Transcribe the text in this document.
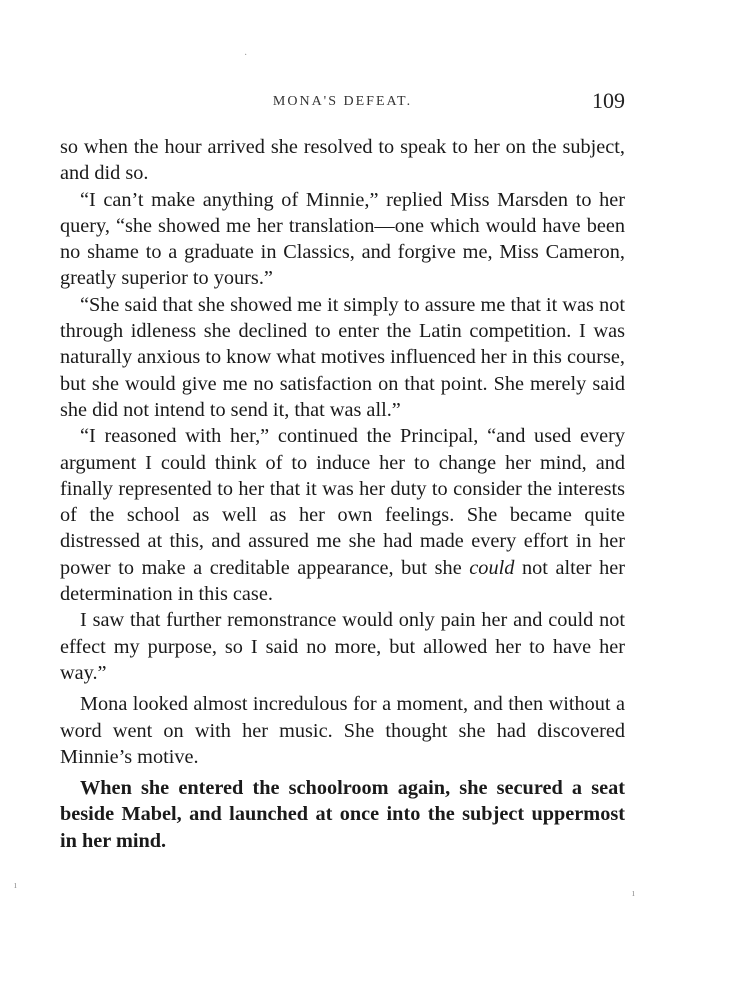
MONA'S DEFEAT.	109

so when the hour arrived she resolved to speak to her on the subject, and did so.

“I can’t make anything of Minnie,” replied Miss Marsden to her query, “she showed me her translation—one which would have been no shame to a graduate in Classics, and forgive me, Miss Cameron, greatly superior to yours.”

“She said that she showed me it simply to assure me that it was not through idleness she declined to enter the Latin competition. I was naturally anxious to know what motives influenced her in this course, but she would give me no satisfaction on that point. She merely said she did not intend to send it, that was all.”

“I reasoned with her,” continued the Principal, “and used every argument I could think of to induce her to change her mind, and finally represented to her that it was her duty to consider the interests of the school as well as her own feelings. She became quite distressed at this, and assured me she had made every effort in her power to make a creditable appearance, but she could not alter her determination in this case.

I saw that further remonstrance would only pain her and could not effect my purpose, so I said no more, but allowed her to have her way.”

Mona looked almost incredulous for a moment, and then without a word went on with her music. She thought she had discovered Minnie’s motive.

When she entered the schoolroom again, she secured a seat beside Mabel, and launched at once into the subject uppermost in her mind.

·
ı
ı
